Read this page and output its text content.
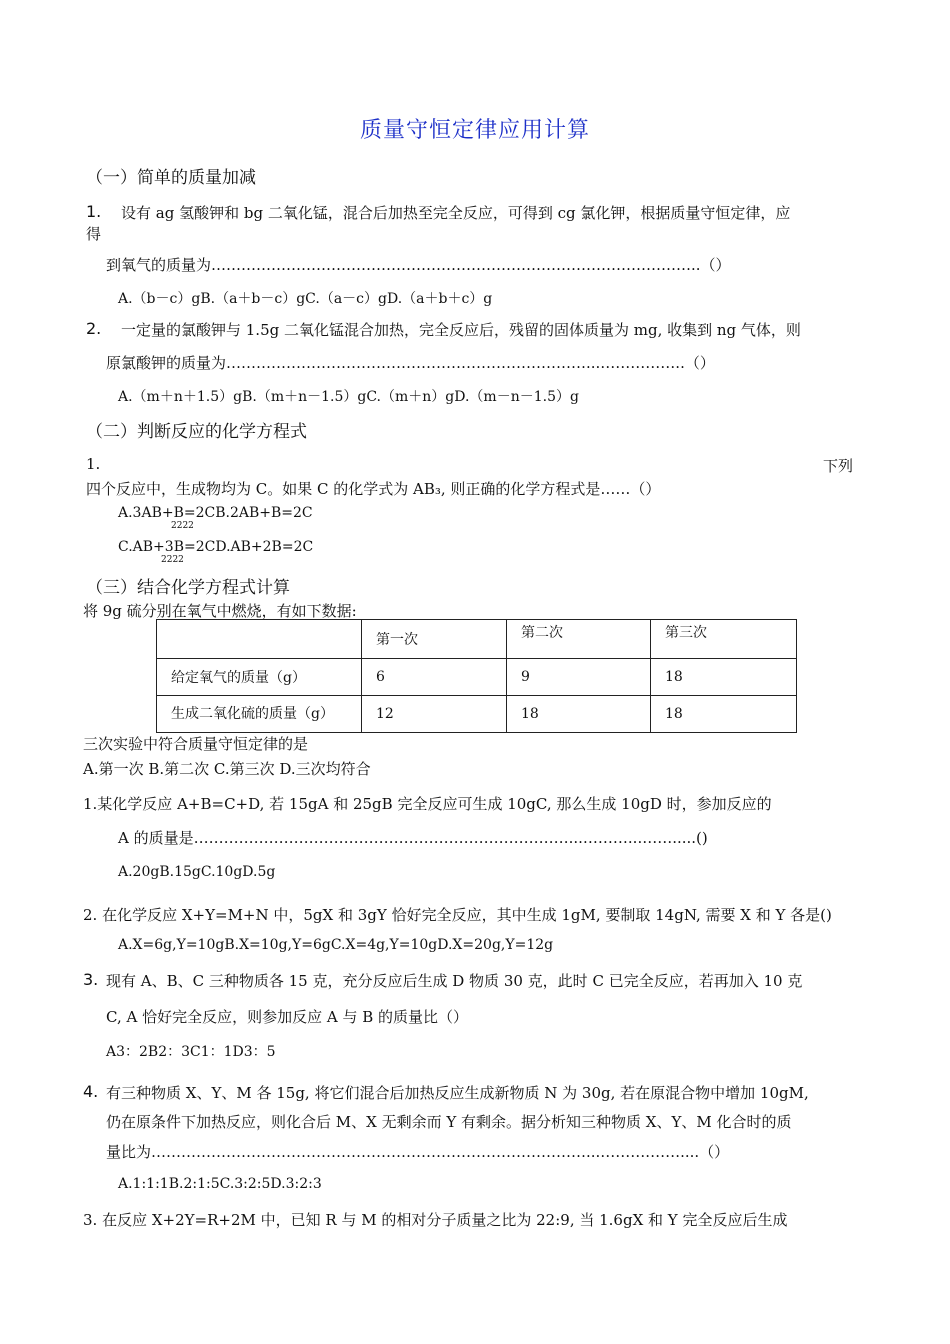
质量守恒定律应用计算
（一）简单的质量加减
1. 设有 ag 氢酸钾和 bg 二氧化锰，混合后加热至完全反应，可得到 cg 氯化钾，根据质量守恒定律，应
得
到氧气的质量为……………………………………………………………………………………..（）
A.（b－c）gB.（a＋b－c）gC.（a－c）gD.（a＋b＋c）g
2. 一定量的氯酸钾与 1.5g 二氧化锰混合加热，完全反应后，残留的固体质量为 mg, 收集到 ng 气体，则
原氯酸钾的质量为………………………………………………………………...……………..（）
A.（m＋n＋1.5）gB.（m＋n－1.5）gC.（m＋n）gD.（m－n－1.5）g
（二）判断反应的化学方程式
1.	下列
四个反应中，生成物均为 C。如果 C 的化学式为 AB₃, 则正确的化学方程式是……（）
A.3AB+B=2CB.2AB+B=2C
2222
C.AB+3B=2CD.AB+2B=2C
2222
（三）结合化学方程式计算
将 9g 硫分别在氧气中燃烧，有如下数据:
	第一次	第二次	第三次
给定氧气的质量（g）	6	9	18
生成二氧化硫的质量（g）	12	18	18
三次实验中符合质量守恒定律的是
A.第一次 B.第二次 C.第三次 D.三次均符合
1.某化学反应 A+B=C+D, 若 15gA 和 25gB 完全反应可生成 10gC, 那么生成 10gD 时，参加反应的
A 的质量是…………………………………………………………………...………...…….....()
A.20gB.15gC.10gD.5g
2. 在化学反应 X+Y=M+N 中，5gX 和 3gY 恰好完全反应，其中生成 1gM, 要制取 14gN, 需要 X 和 Y 各是()
A.X=6g,Y=10gB.X=10g,Y=6gC.X=4g,Y=10gD.X=20g,Y=12g
3. 现有 A、B、C 三种物质各 15 克，充分反应后生成 D 物质 30 克，此时 C 已完全反应，若再加入 10 克
C, A 恰好完全反应，则参加反应 A 与 B 的质量比（）
A3：2B2：3C1：1D3：5
4. 有三种物质 X、Y、M 各 15g, 将它们混合后加热反应生成新物质 N 为 30g, 若在原混合物中增加 10gM,
仍在原条件下加热反应，则化合后 M、X 无剩余而 Y 有剩余。据分析知三种物质 X、Y、M 化合时的质
量比为……………………………………………………………………………...……….……....（）
A.1:1:1B.2:1:5C.3:2:5D.3:2:3
3. 在反应 X+2Y=R+2M 中，已知 R 与 M 的相对分子质量之比为 22:9, 当 1.6gX 和 Y 完全反应后生成
